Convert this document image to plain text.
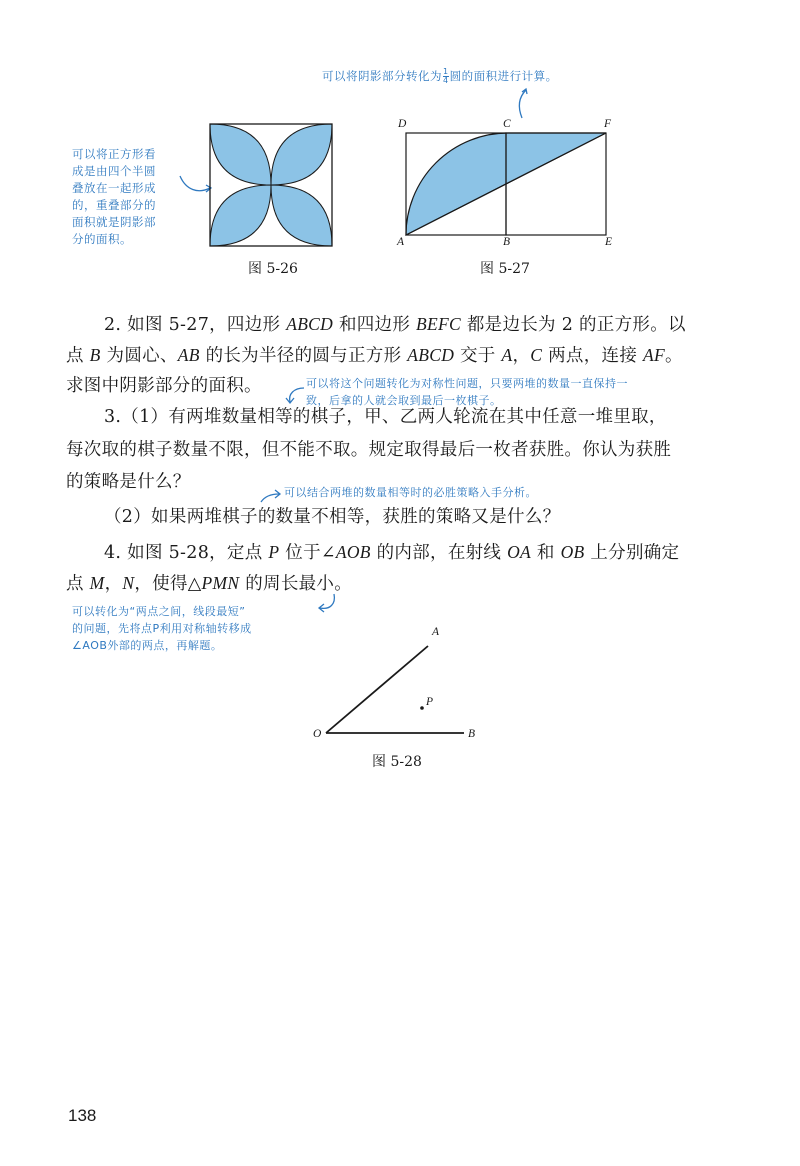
可以将阴影部分转化为 $\frac{1}{4}$ 圆的面积进行计算。
可以将正方形看
成是由四个半圆
叠放在一起形成
的，重叠部分的
面积就是阴影部
分的面积。
图 5-26
D	C	F
A	B	E
图 5-27
2. 如图 5-27，四边形 ABCD 和四边形 BEFC 都是边长为 2 的正方形。以
点 B 为圆心、AB 的长为半径的圆与正方形 ABCD 交于 A，C 两点，连接 AF。
求图中阴影部分的面积。	可以将这个问题转化为对称性问题，只要两堆的数量一直保持一
致，后拿的人就会取到最后一枚棋子。
3.（1）有两堆数量相等的棋子，甲、乙两人轮流在其中任意一堆里取，
每次取的棋子数量不限，但不能不取。规定取得最后一枚者获胜。你认为获胜
的策略是什么？
可以结合两堆的数量相等时的必胜策略入手分析。
（2）如果两堆棋子的数量不相等，获胜的策略又是什么？
4. 如图 5-28，定点 P 位于∠AOB 的内部，在射线 OA 和 OB 上分别确定
点 M，N，使得△PMN 的周长最小。
可以转化为“两点之间，线段最短”
的问题，先将点P利用对称轴转移成
∠AOB外部的两点，再解题。
A
P
O	B
图 5-28
138
